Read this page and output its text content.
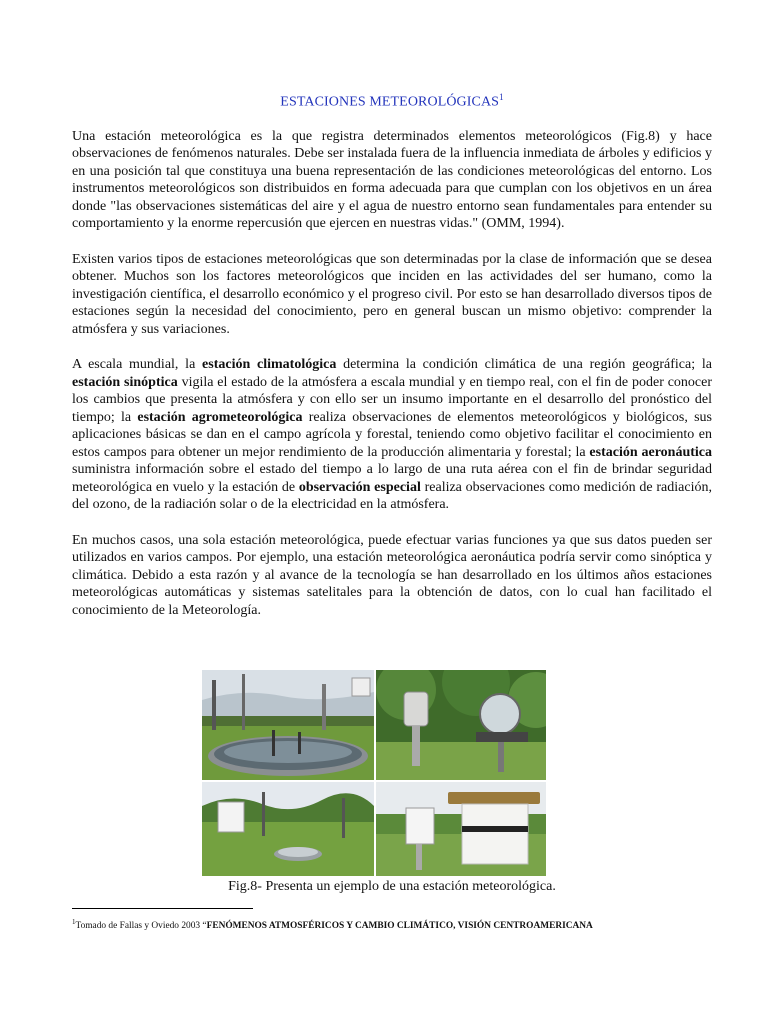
ESTACIONES METEOROLÓGICAS$^1$

Una estación meteorológica es la que registra determinados elementos meteorológicos (Fig.8) y hace observaciones de fenómenos naturales. Debe ser instalada fuera de la influencia inmediata de árboles y edificios y en una posición tal que constituya una buena representación de las condiciones meteorológicas del entorno. Los instrumentos meteorológicos son distribuidos en forma adecuada para que cumplan con los objetivos en un área donde "las observaciones sistemáticas del aire y el agua de nuestro entorno sean fundamentales para entender su comportamiento y la enorme repercusión que ejercen en nuestras vidas." (OMM, 1994).

Existen varios tipos de estaciones meteorológicas que son determinadas por la clase de información que se desea obtener. Muchos son los factores meteorológicos que inciden en las actividades del ser humano, como la investigación científica, el desarrollo económico y el progreso civil. Por esto se han desarrollado diversos tipos de estaciones según la necesidad del conocimiento, pero en general buscan un mismo objetivo: comprender la atmósfera y sus variaciones.

A escala mundial, la estación climatológica determina la condición climática de una región geográfica; la estación sinóptica vigila el estado de la atmósfera a escala mundial y en tiempo real, con el fin de poder conocer los cambios que presenta la atmósfera y con ello ser un insumo importante en el desarrollo del pronóstico del tiempo; la estación agrometeorológica realiza observaciones de elementos meteorológicos y biológicos, sus aplicaciones básicas se dan en el campo agrícola y forestal, teniendo como objetivo facilitar el conocimiento en estos campos para obtener un mejor rendimiento de la producción alimentaria y forestal; la estación aeronáutica suministra información sobre el estado del tiempo a lo largo de una ruta aérea con el fin de brindar seguridad meteorológica en vuelo y la estación de observación especial realiza observaciones como medición de radiación, del ozono, de la radiación solar o de la electricidad en la atmósfera.

En muchos casos, una sola estación meteorológica, puede efectuar varias funciones ya que sus datos pueden ser utilizados en varios campos. Por ejemplo, una estación meteorológica aeronáutica podría servir como sinóptica y climática. Debido a esta razón y al avance de la tecnología se han desarrollado en los últimos años estaciones meteorológicas automáticas y sistemas satelitales para la obtención de datos, con lo cual han facilitado el conocimiento de la Meteorología.

Fig.8- Presenta un ejemplo de una estación meteorológica.
$^1$Tomado de Fallas y Oviedo 2003 “FENÓMENOS ATMOSFÉRICOS Y CAMBIO CLIMÁTICO, VISIÓN CENTROAMERICANA
